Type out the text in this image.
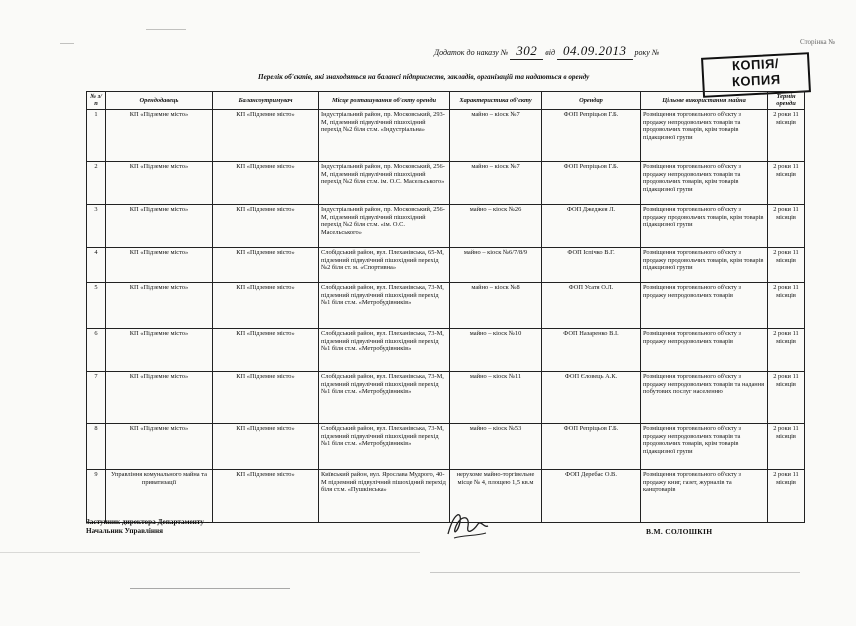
Додаток до наказу № 302 від 04.09.2013 року №
Сторінка №
КОПІЯ/
КОПИЯ
Перелік об'єктів, які знаходяться на балансі підприємств, закладів, організацій та надаються в оренду
№ з/п	Орендодавець	Балансоутримувач	Місце розташування об'єкту оренди	Характеристика об'єкту	Орендар	Цільове використання майна	Термін оренди
1	КП «Підземне місто»	КП «Підземне місто»	Індустріальний район, пр. Московський, 293-М, підземний підвулічний пішохідний перехід №2 біля ст.м. «Індустріальна»	майно – кіоск №7	ФОП Репріцьов Г.Б.	Розміщення торговельного об'єкту з продажу непродовольчих товарів та продовольчих товарів, крім товарів підакцизної групи	2 роки 11 місяців
2	КП «Підземне місто»	КП «Підземне місто»	Індустріальний район, пр. Московський, 256-М, підземний підвулічний пішохідний перехід №2 біля ст.м. ім. О.С. Масельського»	майно – кіоск №7	ФОП Репріцьов Г.Б.	Розміщення торговельного об'єкту з продажу непродовольчих товарів та продовольчих товарів, крім товарів підакцизної групи	2 роки 11 місяців
3	КП «Підземне місто»	КП «Підземне місто»	Індустріальний район, пр. Московський, 256-М, підземний підвулічний пішохідний перехід №2 біля ст.м. «ім. О.С. Масельського»	майно – кіоск №26	ФОП Джеджея Л.	Розміщення торговельного об'єкту з продажу продовольчих товарів, крім товарів підакцизної групи	2 роки 11 місяців
4	КП «Підземне місто»	КП «Підземне місто»	Слобідський район, вул. Плеханівська, 65-М, підземний підвулічний пішохідний перехід №2 біля ст. м. «Спортивна»	майно – кіоск №6/7/8/9	ФОП Іспічко В.Г.	Розміщення торговельного об'єкту з продажу продовольчих товарів, крім товарів підакцизної групи	2 роки 11 місяців
5	КП «Підземне місто»	КП «Підземне місто»	Слобідський район, вул. Плеханівська, 73-М, підземний підвулічний пішохідний перехід №1 біля ст.м. «Метробудівників»	майно – кіоск №8	ФОП Усатя О.Л.	Розміщення торговельного об'єкту з продажу непродовольчих товарів	2 роки 11 місяців
6	КП «Підземне місто»	КП «Підземне місто»	Слобідський район, вул. Плеханівська, 73-М, підземний підвулічний пішохідний перехід №1 біля ст.м. «Метробудівників»	майно – кіоск №10	ФОП Назаренко В.І.	Розміщення торговельного об'єкту з продажу непродовольчих товарів	2 роки 11 місяців
7	КП «Підземне місто»	КП «Підземне місто»	Слобідський район, вул. Плеханівська, 73-М, підземний підвулічний пішохідний перехід №1 біля ст.м. «Метробудівників»	майно – кіоск №11	ФОП Єловець А.К.	Розміщення торговельного об'єкту з продажу непродовольчих товарів та надання побутових послуг населенню	2 роки 11 місяців
8	КП «Підземне місто»	КП «Підземне місто»	Слобідський район, вул. Плеханівська, 73-М, підземний підвулічний пішохідний перехід №1 біля ст.м. «Метробудівників»	майно – кіоск №53	ФОП Репріцьов Г.Б.	Розміщення торговельного об'єкту з продажу непродовольчих товарів та продовольчих товарів, крім товарів підакцизної групи	2 роки 11 місяців
9	Управління комунального майна та приватизації	КП «Підземне місто»	Київський район, вул. Ярослава Мудрого, 40-М підземний підвулічний пішохідний перехід біля ст.м. «Пушкінська»	нерухоме майно-торгівельне місце № 4, площею 1,5 кв.м	ФОП Деребас О.В.	Розміщення торговельного об'єкту з продажу книг, газет, журналів та канцтоварів	2 роки 11 місяців
Заступник директора Департаменту –
Начальник Управління	В.М. СОЛОШКІН
